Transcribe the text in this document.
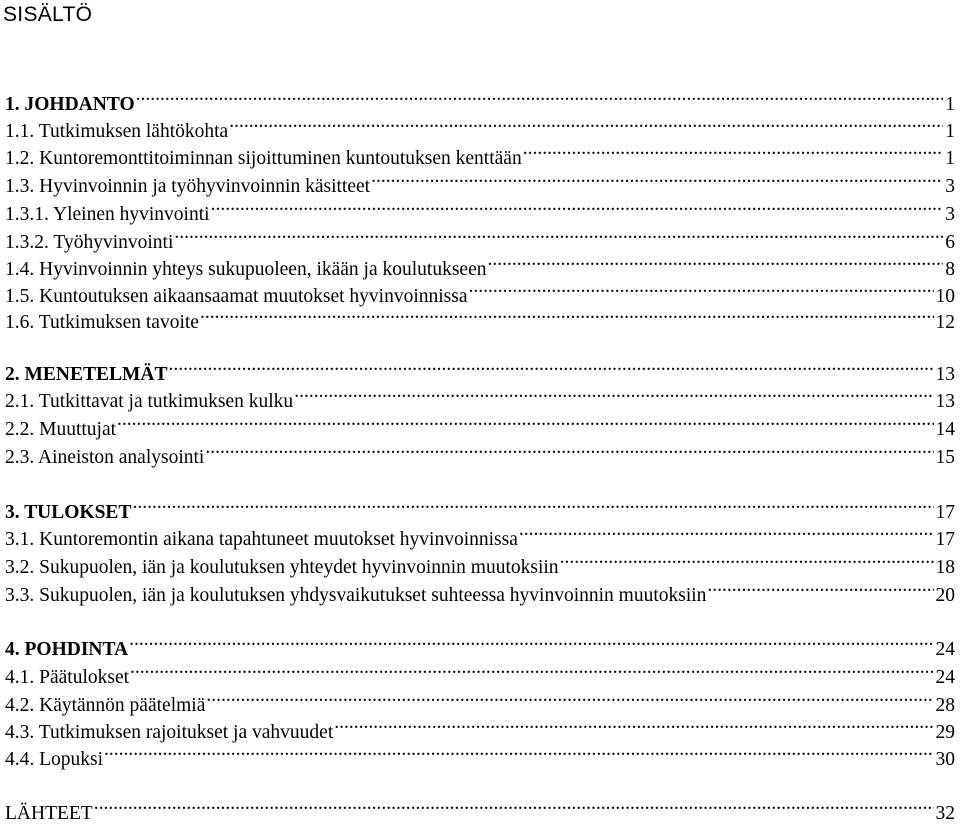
SISÄLTÖ
1. JOHDANTO .....	1
1.1. Tutkimuksen lähtökohta .....	1
1.2. Kuntoremonttitoiminnan sijoittuminen kuntoutuksen kenttään .....	1
1.3. Hyvinvoinnin ja työhyvinvoinnin käsitteet .....	3
1.3.1. Yleinen hyvinvointi .....	3
1.3.2. Työhyvinvointi .....	6
1.4. Hyvinvoinnin yhteys sukupuoleen, ikään ja koulutukseen .....	8
1.5. Kuntoutuksen aikaansaamat muutokset hyvinvoinnissa .....	10
1.6. Tutkimuksen tavoite .....	12
2. MENETELMÄT .....	13
2.1. Tutkittavat ja tutkimuksen kulku .....	13
2.2. Muuttujat .....	14
2.3. Aineiston analysointi .....	15
3. TULOKSET .....	17
3.1. Kuntoremontin aikana tapahtuneet muutokset hyvinvoinnissa .....	17
3.2. Sukupuolen, iän ja koulutuksen yhteydet hyvinvoinnin muutoksiin .....	18
3.3. Sukupuolen, iän ja koulutuksen yhdysvaikutukset suhteessa hyvinvoinnin muutoksiin .....	20
4. POHDINTA .....	24
4.1. Päätulokset .....	24
4.2. Käytännön päätelmiä .....	28
4.3. Tutkimuksen rajoitukset ja vahvuudet .....	29
4.4. Lopuksi .....	30
LÄHTEET .....	32
